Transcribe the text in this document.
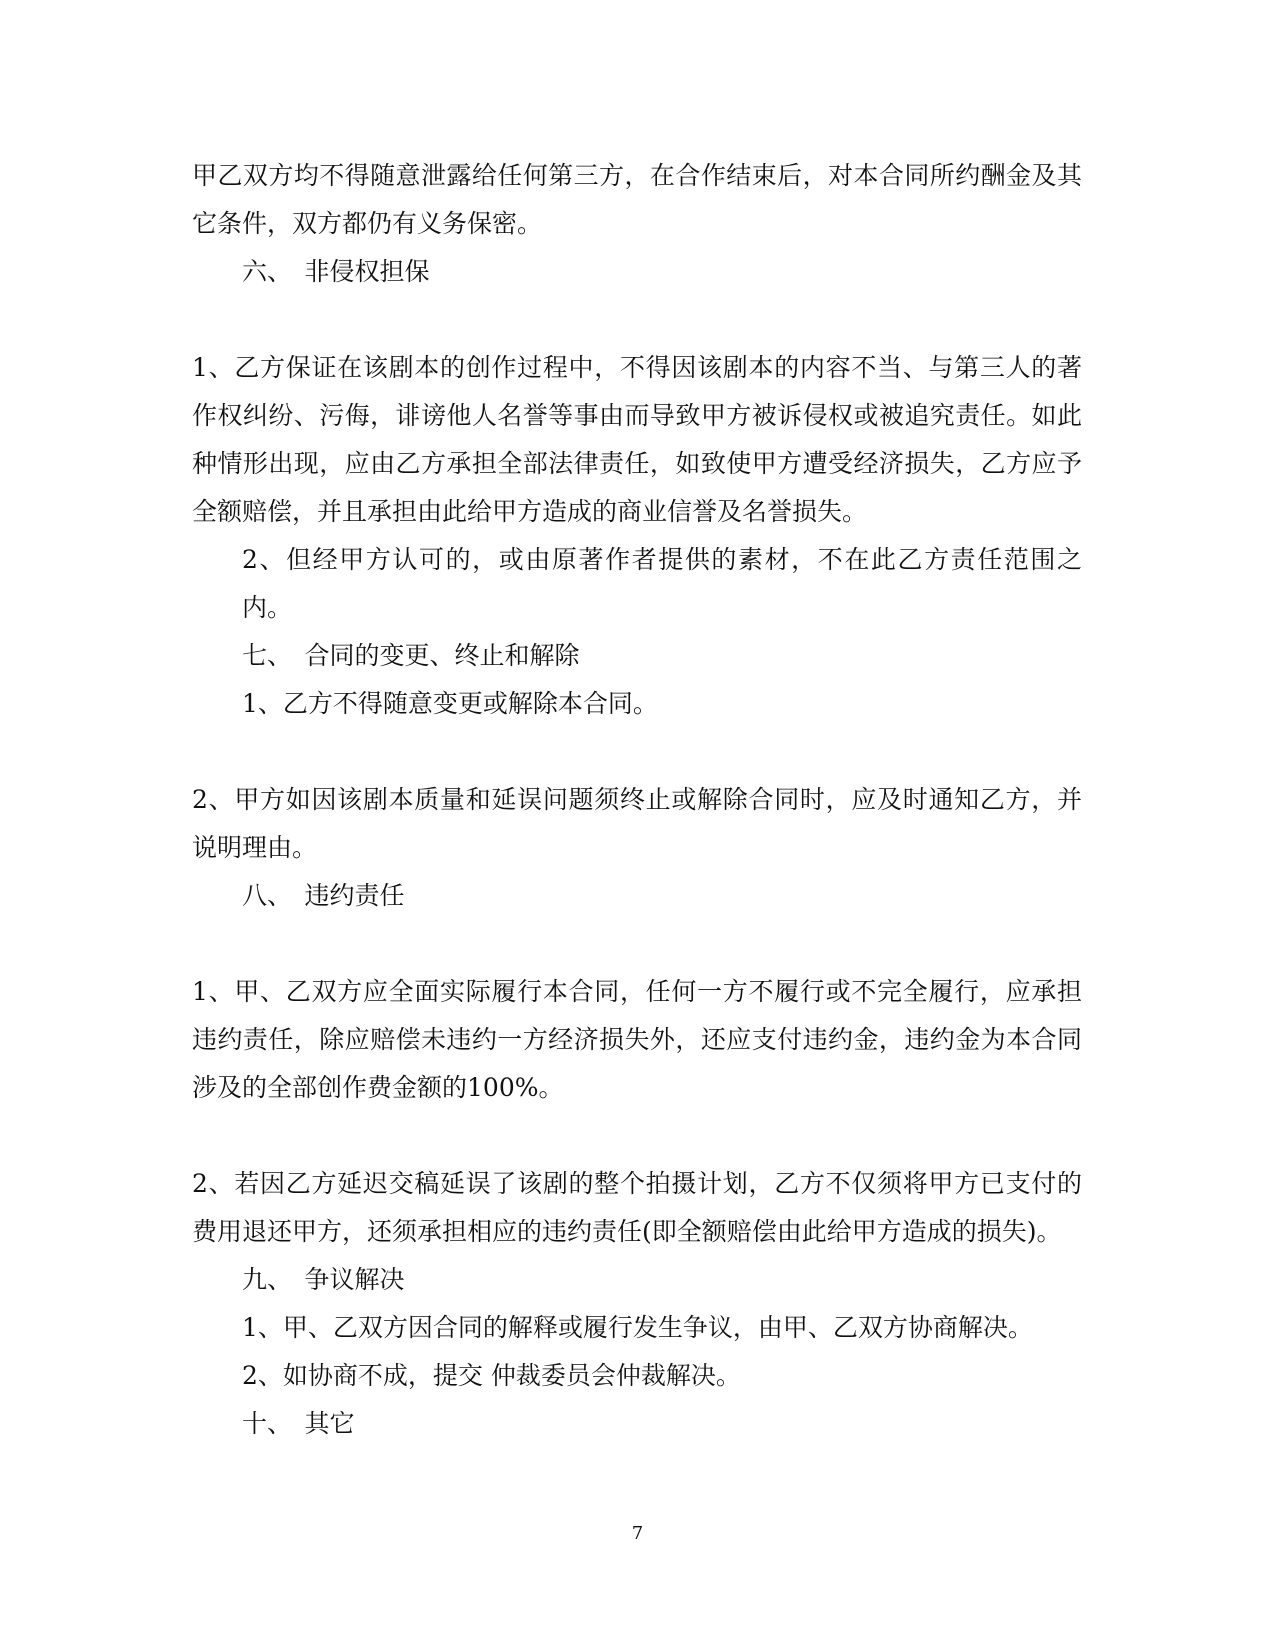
甲乙双方均不得随意泄露给任何第三方，在合作结束后，对本合同所约酬金及其它条件，双方都仍有义务保密。

六、　非侵权担保

1、乙方保证在该剧本的创作过程中，不得因该剧本的内容不当、与第三人的著作权纠纷、污侮，诽谤他人名誉等事由而导致甲方被诉侵权或被追究责任。如此种情形出现，应由乙方承担全部法律责任，如致使甲方遭受经济损失，乙方应予全额赔偿，并且承担由此给甲方造成的商业信誉及名誉损失。

2、但经甲方认可的，或由原著作者提供的素材，不在此乙方责任范围之内。

七、　合同的变更、终止和解除

1、乙方不得随意变更或解除本合同。

2、甲方如因该剧本质量和延误问题须终止或解除合同时，应及时通知乙方，并说明理由。

八、　违约责任

1、甲、乙双方应全面实际履行本合同，任何一方不履行或不完全履行，应承担违约责任，除应赔偿未违约一方经济损失外，还应支付违约金，违约金为本合同涉及的全部创作费金额的100%。

2、若因乙方延迟交稿延误了该剧的整个拍摄计划，乙方不仅须将甲方已支付的费用退还甲方，还须承担相应的违约责任(即全额赔偿由此给甲方造成的损失)。

九、　争议解决

1、甲、乙双方因合同的解释或履行发生争议，由甲、乙双方协商解决。

2、如协商不成，提交 仲裁委员会仲裁解决。

十、　其它

7
